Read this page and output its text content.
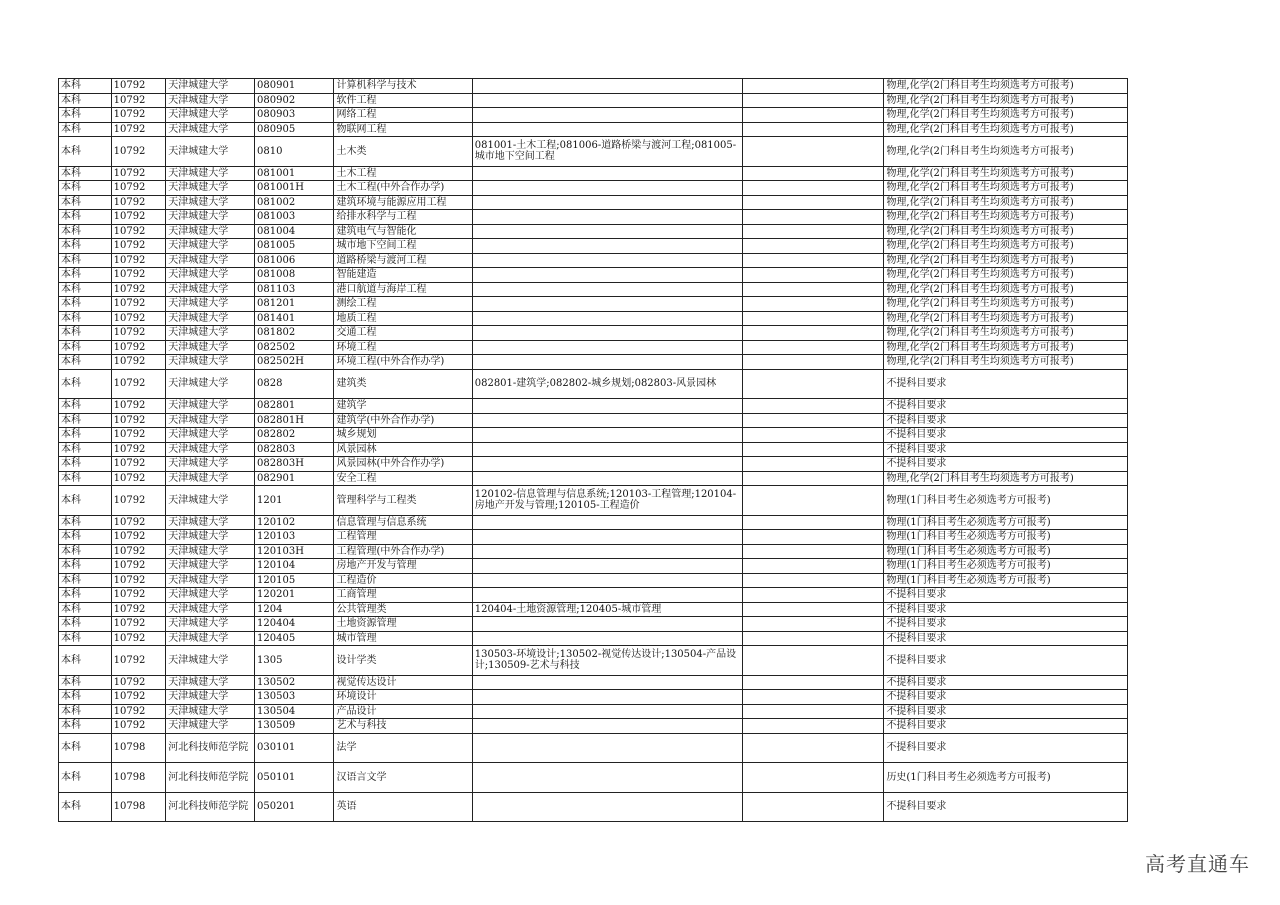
本科	10792	天津城建大学	080901	计算机科学与技术			物理,化学(2门科目考生均须选考方可报考)
本科	10792	天津城建大学	080902	软件工程			物理,化学(2门科目考生均须选考方可报考)
本科	10792	天津城建大学	080903	网络工程			物理,化学(2门科目考生均须选考方可报考)
本科	10792	天津城建大学	080905	物联网工程			物理,化学(2门科目考生均须选考方可报考)
本科	10792	天津城建大学	0810	土木类	081001-土木工程;081006-道路桥梁与渡河工程;081005-城市地下空间工程		物理,化学(2门科目考生均须选考方可报考)
本科	10792	天津城建大学	081001	土木工程			物理,化学(2门科目考生均须选考方可报考)
本科	10792	天津城建大学	081001H	土木工程(中外合作办学)			物理,化学(2门科目考生均须选考方可报考)
本科	10792	天津城建大学	081002	建筑环境与能源应用工程			物理,化学(2门科目考生均须选考方可报考)
本科	10792	天津城建大学	081003	给排水科学与工程			物理,化学(2门科目考生均须选考方可报考)
本科	10792	天津城建大学	081004	建筑电气与智能化			物理,化学(2门科目考生均须选考方可报考)
本科	10792	天津城建大学	081005	城市地下空间工程			物理,化学(2门科目考生均须选考方可报考)
本科	10792	天津城建大学	081006	道路桥梁与渡河工程			物理,化学(2门科目考生均须选考方可报考)
本科	10792	天津城建大学	081008	智能建造			物理,化学(2门科目考生均须选考方可报考)
本科	10792	天津城建大学	081103	港口航道与海岸工程			物理,化学(2门科目考生均须选考方可报考)
本科	10792	天津城建大学	081201	测绘工程			物理,化学(2门科目考生均须选考方可报考)
本科	10792	天津城建大学	081401	地质工程			物理,化学(2门科目考生均须选考方可报考)
本科	10792	天津城建大学	081802	交通工程			物理,化学(2门科目考生均须选考方可报考)
本科	10792	天津城建大学	082502	环境工程			物理,化学(2门科目考生均须选考方可报考)
本科	10792	天津城建大学	082502H	环境工程(中外合作办学)			物理,化学(2门科目考生均须选考方可报考)
本科	10792	天津城建大学	0828	建筑类	082801-建筑学;082802-城乡规划;082803-风景园林		不提科目要求
本科	10792	天津城建大学	082801	建筑学			不提科目要求
本科	10792	天津城建大学	082801H	建筑学(中外合作办学)			不提科目要求
本科	10792	天津城建大学	082802	城乡规划			不提科目要求
本科	10792	天津城建大学	082803	风景园林			不提科目要求
本科	10792	天津城建大学	082803H	风景园林(中外合作办学)			不提科目要求
本科	10792	天津城建大学	082901	安全工程			物理,化学(2门科目考生均须选考方可报考)
本科	10792	天津城建大学	1201	管理科学与工程类	120102-信息管理与信息系统;120103-工程管理;120104-房地产开发与管理;120105-工程造价		物理(1门科目考生必须选考方可报考)
本科	10792	天津城建大学	120102	信息管理与信息系统			物理(1门科目考生必须选考方可报考)
本科	10792	天津城建大学	120103	工程管理			物理(1门科目考生必须选考方可报考)
本科	10792	天津城建大学	120103H	工程管理(中外合作办学)			物理(1门科目考生必须选考方可报考)
本科	10792	天津城建大学	120104	房地产开发与管理			物理(1门科目考生必须选考方可报考)
本科	10792	天津城建大学	120105	工程造价			物理(1门科目考生必须选考方可报考)
本科	10792	天津城建大学	120201	工商管理			不提科目要求
本科	10792	天津城建大学	1204	公共管理类	120404-土地资源管理;120405-城市管理		不提科目要求
本科	10792	天津城建大学	120404	土地资源管理			不提科目要求
本科	10792	天津城建大学	120405	城市管理			不提科目要求
本科	10792	天津城建大学	1305	设计学类	130503-环境设计;130502-视觉传达设计;130504-产品设计;130509-艺术与科技		不提科目要求
本科	10792	天津城建大学	130502	视觉传达设计			不提科目要求
本科	10792	天津城建大学	130503	环境设计			不提科目要求
本科	10792	天津城建大学	130504	产品设计			不提科目要求
本科	10792	天津城建大学	130509	艺术与科技			不提科目要求
本科	10798	河北科技师范学院	030101	法学			不提科目要求
本科	10798	河北科技师范学院	050101	汉语言文学			历史(1门科目考生必须选考方可报考)
本科	10798	河北科技师范学院	050201	英语			不提科目要求
高考直通车
